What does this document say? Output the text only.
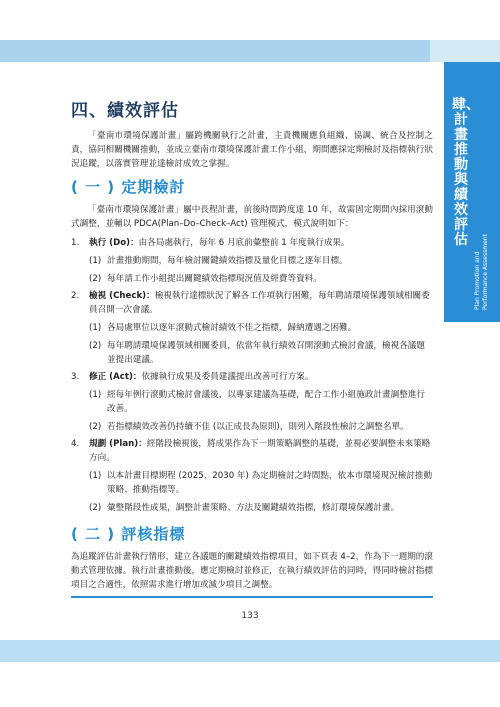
肆、計畫推動與績效評估
Plan Promotion and Performance Assessment
四、績效評估

「臺南市環境保護計畫」屬跨機關執行之計畫，主責機關應負組織、協調、統合及控制之責，協同相關機關推動，並成立臺南市環境保護計畫工作小組，期間應採定期檢討及指標執行狀況追蹤，以落實管理並達檢討成效之掌握。

( 一 ) 定期檢討

「臺南市環境保護計畫」屬中長程計畫，前後時間跨度達 10 年，故需固定期間內採用滾動式調整，並輔以 PDCA(Plan–Do–Check–Act) 管理模式，模式說明如下：

1. 執行 (Do)：由各局處執行，每年 6 月底前彙整前 1 年度執行成果。
(1) 計畫推動期間，每年檢討關鍵績效指標及量化目標之逐年目標。
(2) 每年請工作小組提出關鍵績效指標現況值及經費等資料。
2. 檢視 (Check)：檢視執行達標狀況了解各工作項執行困難，每年聘請環境保護領域相關委員召開一次會議。
(1) 各局處單位以逐年滾動式檢討績效不佳之指標，歸納遭遇之困難。
(2) 每年聘請環境保護領域相關委員，依當年執行績效召開滾動式檢討會議，檢視各議題並提出建議。
3. 修正 (Act)：依據執行成果及委員建議提出改善可行方案。
(1) 經每年例行滾動式檢討會議後，以專家建議為基礎，配合工作小組施政計畫調整進行改善。
(2) 若指標績效改善仍持續不佳 (以正成長為原則)，則列入階段性檢討之調整名單。
4. 規劃 (Plan)：經階段檢視後，將成果作為下一期策略調整的基礎，並視必要調整未來策略方向。
(1) 以本計畫目標期程 (2025、2030 年) 為定期檢討之時間點，依本市環境現況檢討推動策略、推動指標等。
(2) 彙整階段性成果，調整計畫策略、方法及關鍵績效指標，修訂環境保護計畫。
( 二 ) 評核指標

為追蹤評估計畫執行情形，建立各議題的關鍵績效指標項目，如下頁表 4–2，作為下一週期的滾動式管理依據。執行計畫推動後，應定期檢討並修正，在執行績效評估的同時，得同時檢討指標項目之合適性，依照需求進行增加或減少項目之調整。

133
